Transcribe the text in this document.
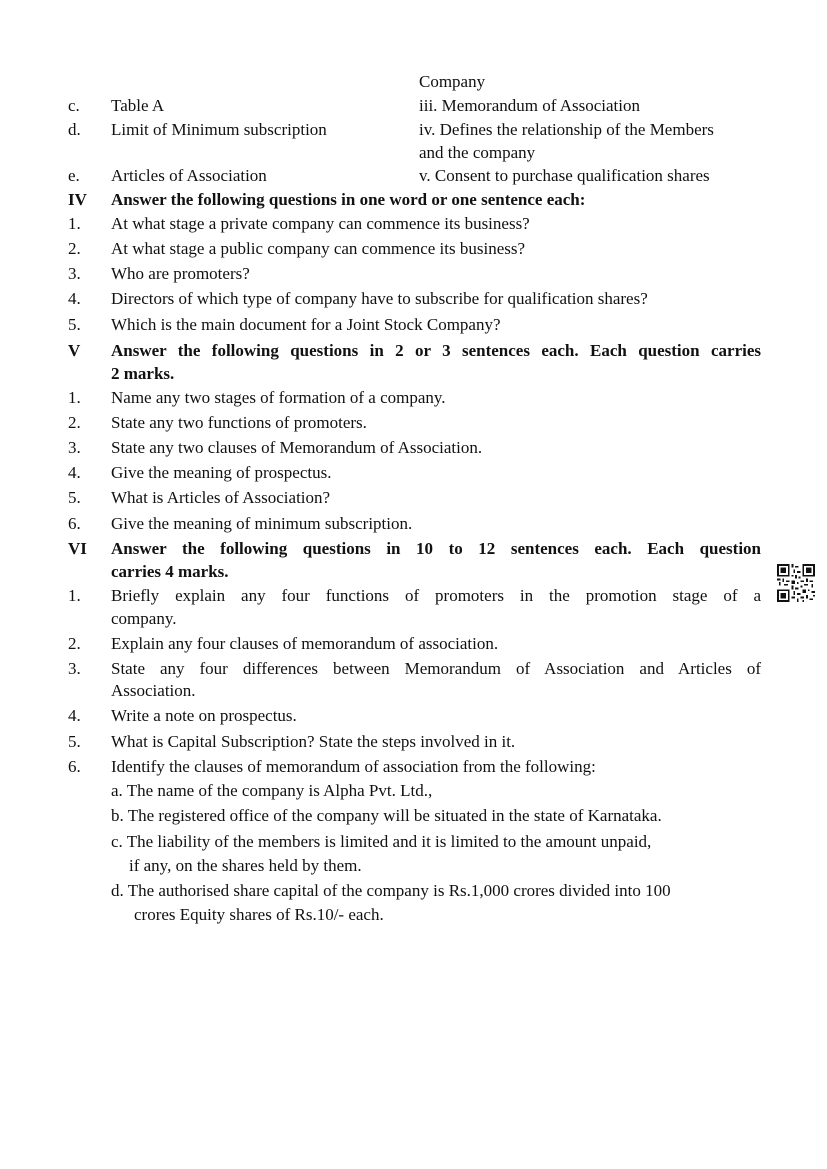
Company
c. Table A	iii. Memorandum of Association
d. Limit of Minimum subscription	iv. Defines the relationship of the Members
and the company
e. Articles of Association	v. Consent to purchase qualification shares
IV Answer the following questions in one word or one sentence each:
1. At what stage a private company can commence its business?
2. At what stage a public company can commence its business?
3. Who are promoters?
4. Directors of which type of company have to subscribe for qualification shares?
5. Which is the main document for a Joint Stock Company?
V Answer the following questions in 2 or 3 sentences each. Each question carries
2 marks.
1. Name any two stages of formation of a company.
2. State any two functions of promoters.
3. State any two clauses of Memorandum of Association.
4. Give the meaning of prospectus.
5. What is Articles of Association?
6. Give the meaning of minimum subscription.
VI Answer the following questions in 10 to 12 sentences each. Each question
carries 4 marks.
1. Briefly explain any four functions of promoters in the promotion stage of a
company.
2. Explain any four clauses of memorandum of association.
3. State any four differences between Memorandum of Association and Articles of
Association.
4. Write a note on prospectus.
5. What is Capital Subscription? State the steps involved in it.
6. Identify the clauses of memorandum of association from the following:
a. The name of the company is Alpha Pvt. Ltd.,
b. The registered office of the company will be situated in the state of Karnataka.
c. The liability of the members is limited and it is limited to the amount unpaid,
if any, on the shares held by them.
d. The authorised share capital of the company is Rs.1,000 crores divided into 100
crores Equity shares of Rs.10/- each.
